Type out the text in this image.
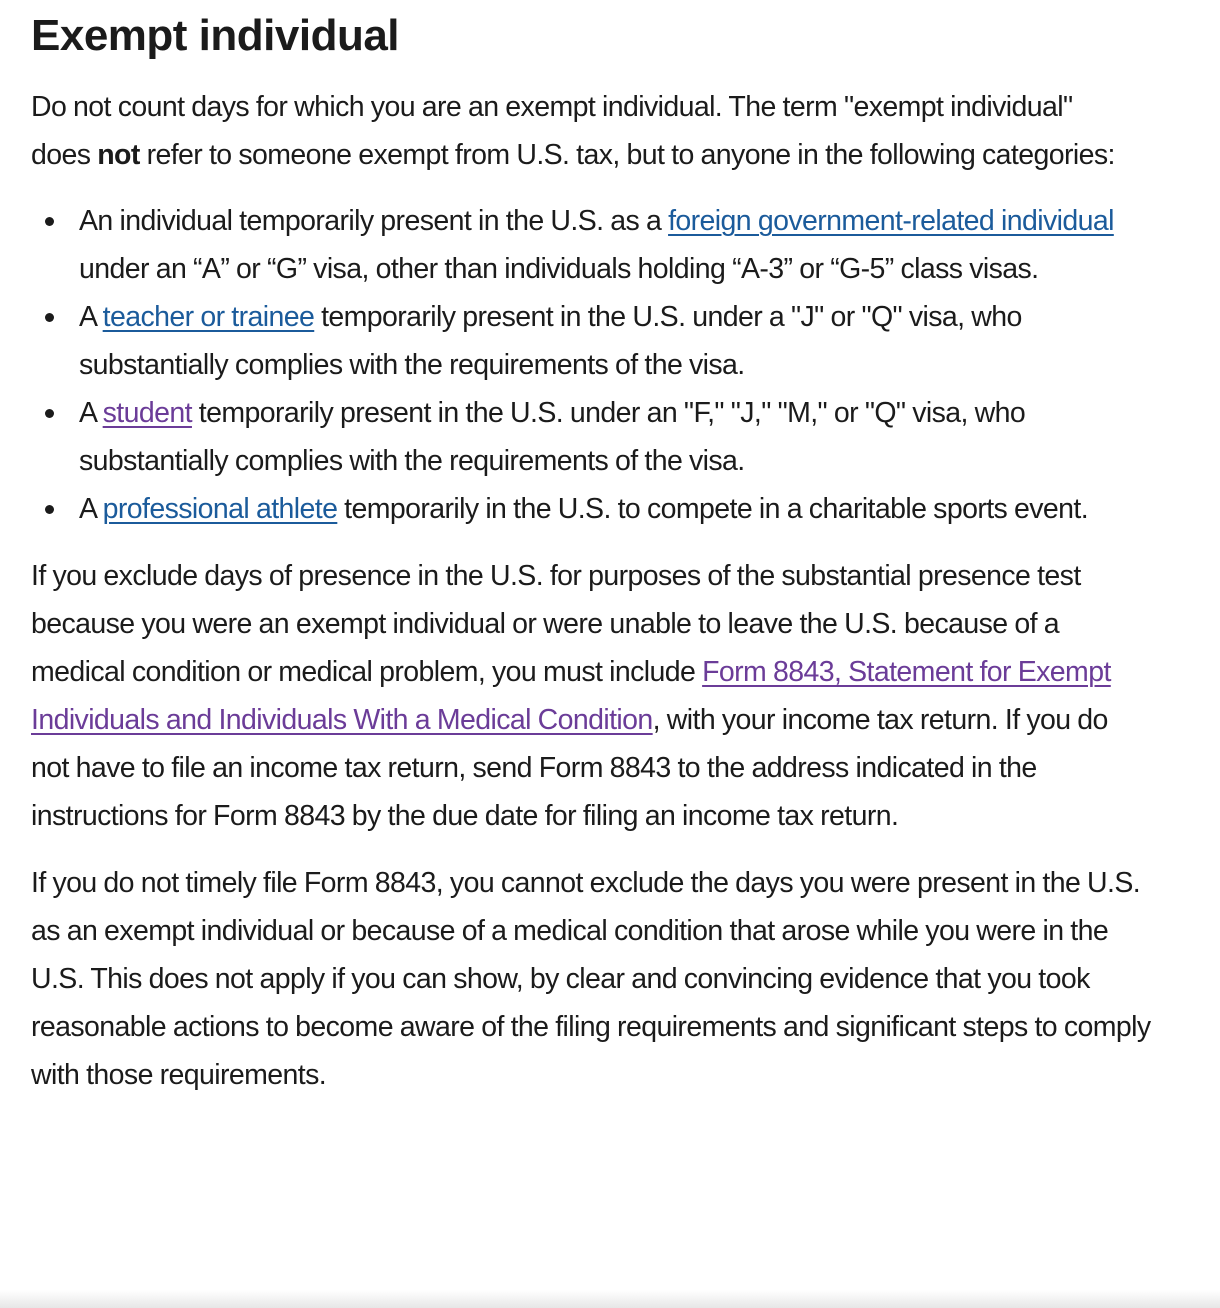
Exempt individual

Do not count days for which you are an exempt individual. The term "exempt individual" does not refer to someone exempt from U.S. tax, but to anyone in the following categories:

An individual temporarily present in the U.S. as a foreign government-related individual under an “A” or “G” visa, other than individuals holding “A-3” or “G-5” class visas.
A teacher or trainee temporarily present in the U.S. under a "J" or "Q" visa, who substantially complies with the requirements of the visa.
A student temporarily present in the U.S. under an "F," "J," "M," or "Q" visa, who substantially complies with the requirements of the visa.
A professional athlete temporarily in the U.S. to compete in a charitable sports event.

If you exclude days of presence in the U.S. for purposes of the substantial presence test because you were an exempt individual or were unable to leave the U.S. because of a medical condition or medical problem, you must include Form 8843, Statement for Exempt Individuals and Individuals With a Medical Condition, with your income tax return. If you do not have to file an income tax return, send Form 8843 to the address indicated in the instructions for Form 8843 by the due date for filing an income tax return.

If you do not timely file Form 8843, you cannot exclude the days you were present in the U.S. as an exempt individual or because of a medical condition that arose while you were in the U.S. This does not apply if you can show, by clear and convincing evidence that you took reasonable actions to become aware of the filing requirements and significant steps to comply with those requirements.
